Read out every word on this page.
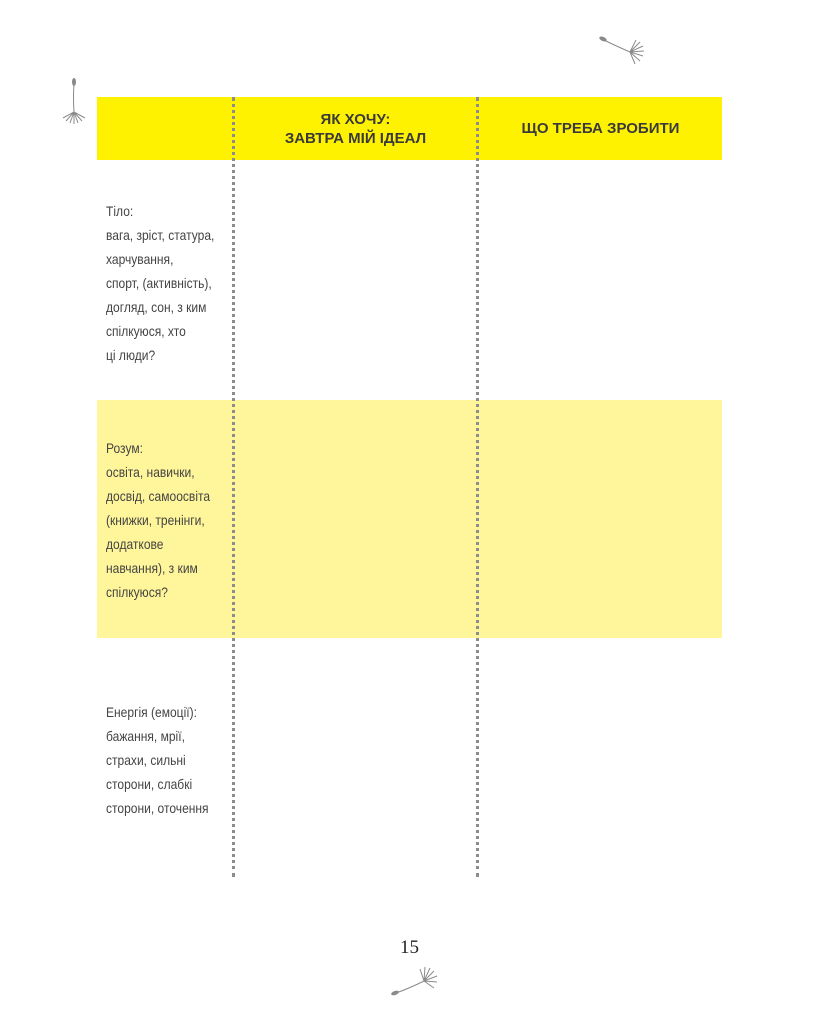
ЯК ХОЧУ:
ЗАВТРА МІЙ ІДЕАЛ
ЩО ТРЕБА ЗРОБИТИ
Тіло:
вага, зріст, статура,
харчування,
спорт, (активність),
догляд, сон, з ким
спілкуюся, хто
ці люди?
Розум:
освіта, навички,
досвід, самоосвіта
(книжки, тренінги,
додаткове
навчання), з ким
спілкуюся?
Енергія (емоції):
бажання, мрії,
страхи, сильні
сторони, слабкі
сторони, оточення
15
